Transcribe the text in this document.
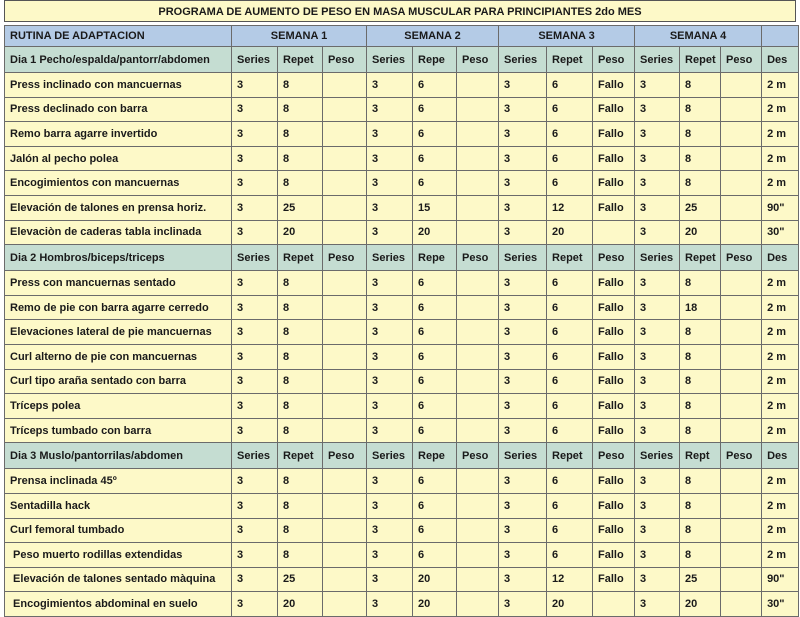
PROGRAMA DE AUMENTO DE PESO EN MASA MUSCULAR PARA PRINCIPIANTES 2do MES
RUTINA DE ADAPTACION	SEMANA 1			SEMANA 2			SEMANA 3			SEMANA 4			
Dia 1 Pecho/espalda/pantorr/abdomen	Series	Repet	Peso	Series	Repe	Peso	Series	Repet	Peso	Series	Repet	Peso	Des
Press inclinado con mancuernas	3	8		3	6		3	6	Fallo	3	8		2 m
Press declinado con barra	3	8		3	6		3	6	Fallo	3	8		2 m
Remo barra agarre invertido	3	8		3	6		3	6	Fallo	3	8		2 m
Jalón al pecho polea	3	8		3	6		3	6	Fallo	3	8		2 m
Encogimientos con mancuernas	3	8		3	6		3	6	Fallo	3	8		2 m
Elevación de talones en prensa horiz.	3	25		3	15		3	12	Fallo	3	25		90"
Elevaciòn de caderas tabla inclinada	3	20		3	20		3	20		3	20		30"
Dia 2 Hombros/biceps/triceps	Series	Repet	Peso	Series	Repe	Peso	Series	Repet	Peso	Series	Repet	Peso	Des
Press con mancuernas sentado	3	8		3	6		3	6	Fallo	3	8		2 m
Remo de pie con barra agarre cerredo	3	8		3	6		3	6	Fallo	3	18		2 m
Elevaciones lateral de pie mancuernas	3	8		3	6		3	6	Fallo	3	8		2 m
Curl alterno de pie con mancuernas	3	8		3	6		3	6	Fallo	3	8		2 m
Curl tipo araña sentado con barra	3	8		3	6		3	6	Fallo	3	8		2 m
Tríceps polea	3	8		3	6		3	6	Fallo	3	8		2 m
Tríceps tumbado con barra	3	8		3	6		3	6	Fallo	3	8		2 m
Dia 3 Muslo/pantorrilas/abdomen	Series	Repet	Peso	Series	Repe	Peso	Series	Repet	Peso	Series	Rept	Peso	Des
Prensa inclinada 45º	3	8		3	6		3	6	Fallo	3	8		2 m
Sentadilla hack	3	8		3	6		3	6	Fallo	3	8		2 m
Curl femoral tumbado	3	8		3	6		3	6	Fallo	3	8		2 m
Peso muerto rodillas extendidas	3	8		3	6		3	6	Fallo	3	8		2 m
Elevación de talones sentado màquina	3	25		3	20		3	12	Fallo	3	25		90"
Encogimientos abdominal en suelo	3	20		3	20		3	20		3	20		30"
